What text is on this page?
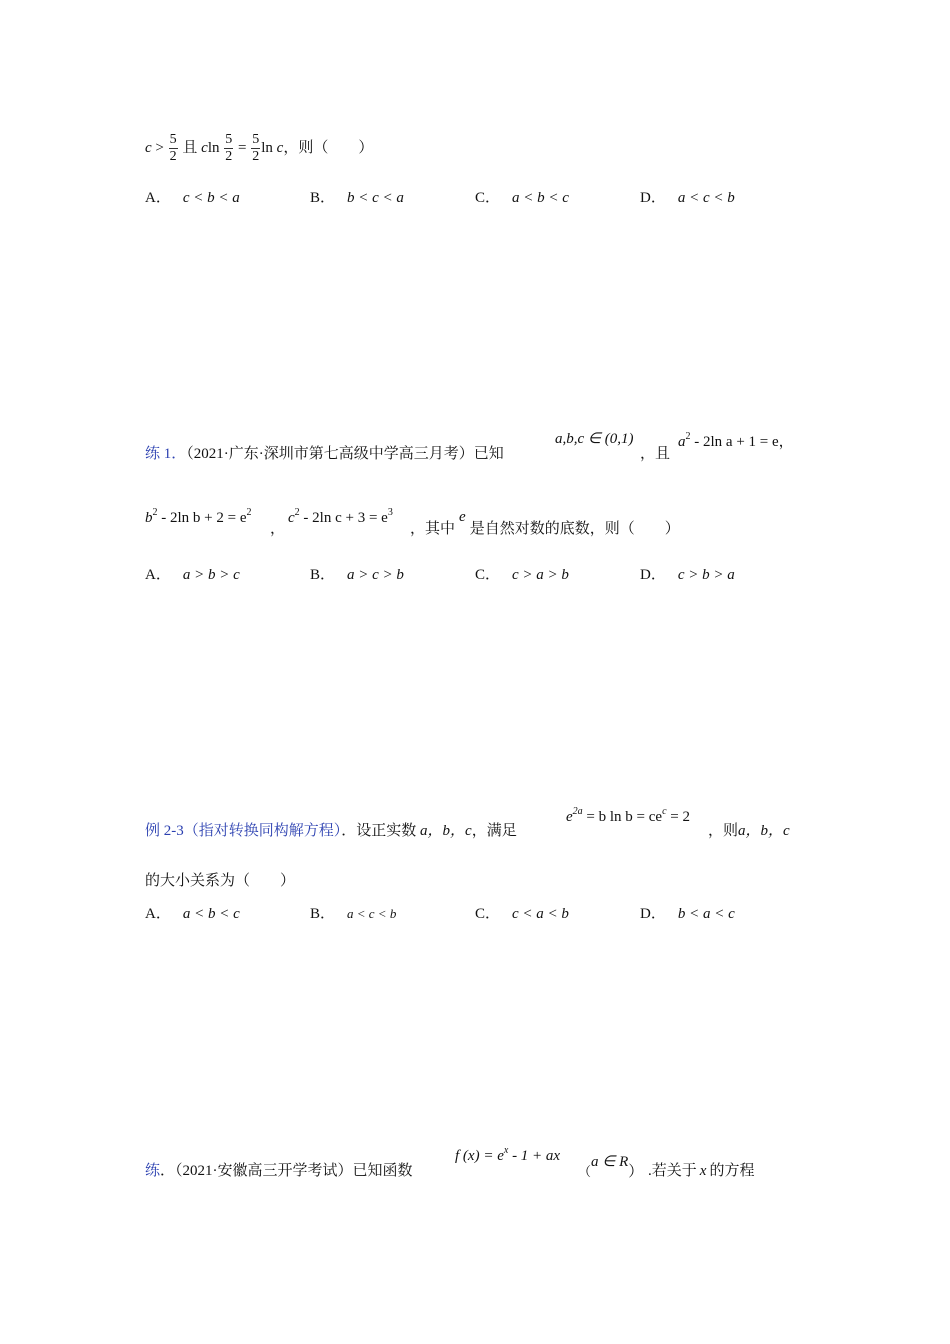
$c > \frac{5}{2}$ 且 cln $\frac{5}{2} = \frac{5}{2}$ ln c，则（　　）
A． c < b < a	B． b < c < a	C． a < b < c	D． a < c < b
练 1．（2021·广东·深圳市第七高级中学高三月考）已知
a,b,c ∈ (0,1)
，且
$a^2 - 2\ln$ a + 1 = e，
$b^2 - 2\ln$ $b + 2 = e^2$
，
$c^2 - 2\ln$ $c + 3 = e^3$
，其中e是自然对数的底数，则（　　）
A． a > b > c	B． a > c > b	C． c > a > b	D． c > b > a
例 2-3（指对转换同构解方程）．设正实数 a，b，c，满足
$e^{2a} = b$ $\ln b = ce^c = 2$
，则a，b，c
的大小关系为（　　）
A． a < b < c	B． a < c < b	C． c < a < b	D． b < a < c
练．（2021·安徽高三开学考试）已知函数
f $(x) = e^x - 1$ + ax
（a ∈ R） .若关于 x 的方程
